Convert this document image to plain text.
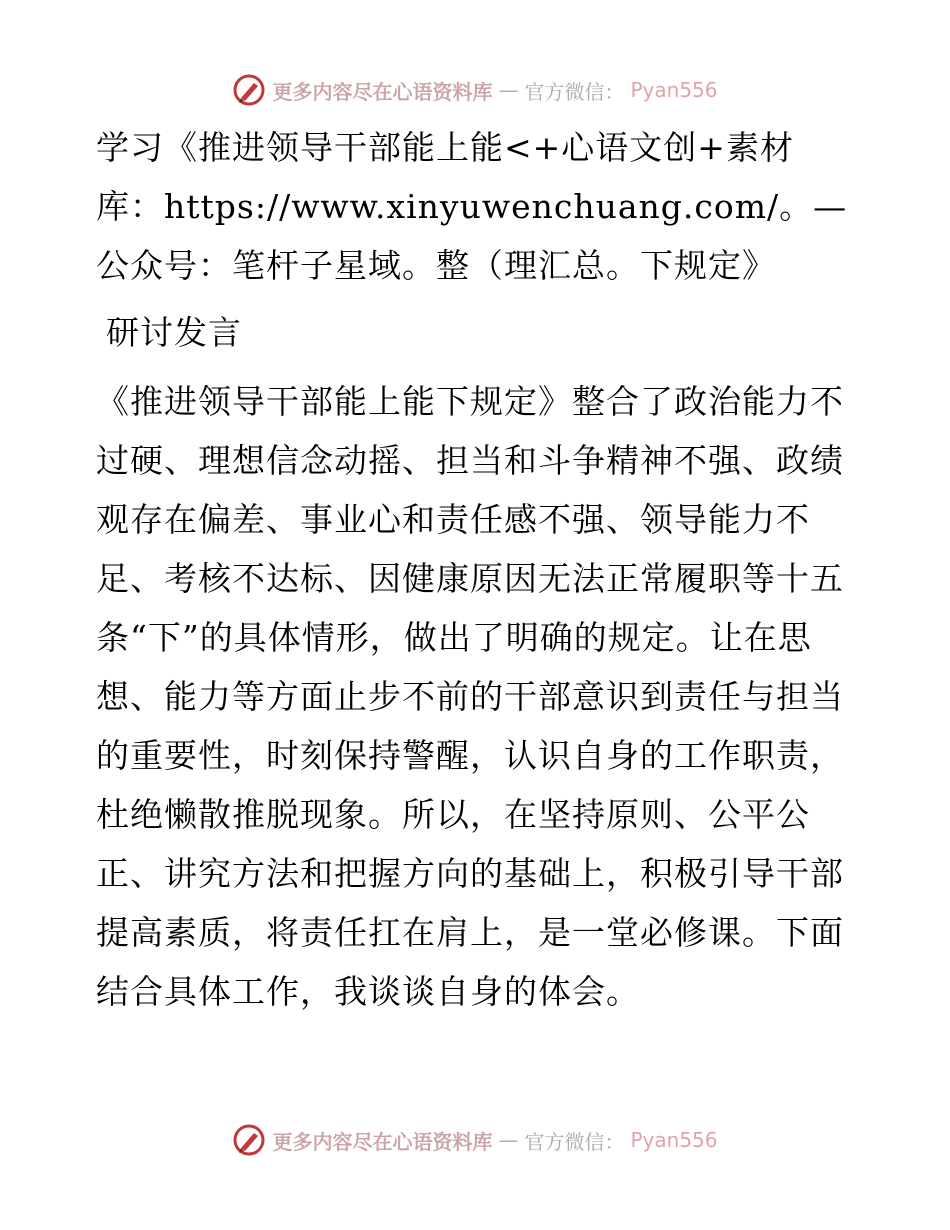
更多内容尽在心语资料库 — 官方微信： Pyan556

学习《推进领导干部能上能<+心语文创+素材库：https://www.xinyuwenchuang.com/。—公众号：笔杆子星域。整（理汇总。下规定》

研讨发言

《推进领导干部能上能下规定》整合了政治能力不过硬、理想信念动摇、担当和斗争精神不强、政绩观存在偏差、事业心和责任感不强、领导能力不足、考核不达标、因健康原因无法正常履职等十五条“下”的具体情形，做出了明确的规定。让在思想、能力等方面止步不前的干部意识到责任与担当的重要性，时刻保持警醒，认识自身的工作职责，杜绝懒散推脱现象。所以，在坚持原则、公平公正、讲究方法和把握方向的基础上，积极引导干部提高素质，将责任扛在肩上，是一堂必修课。下面结合具体工作，我谈谈自身的体会。

更多内容尽在心语资料库 — 官方微信： Pyan556
